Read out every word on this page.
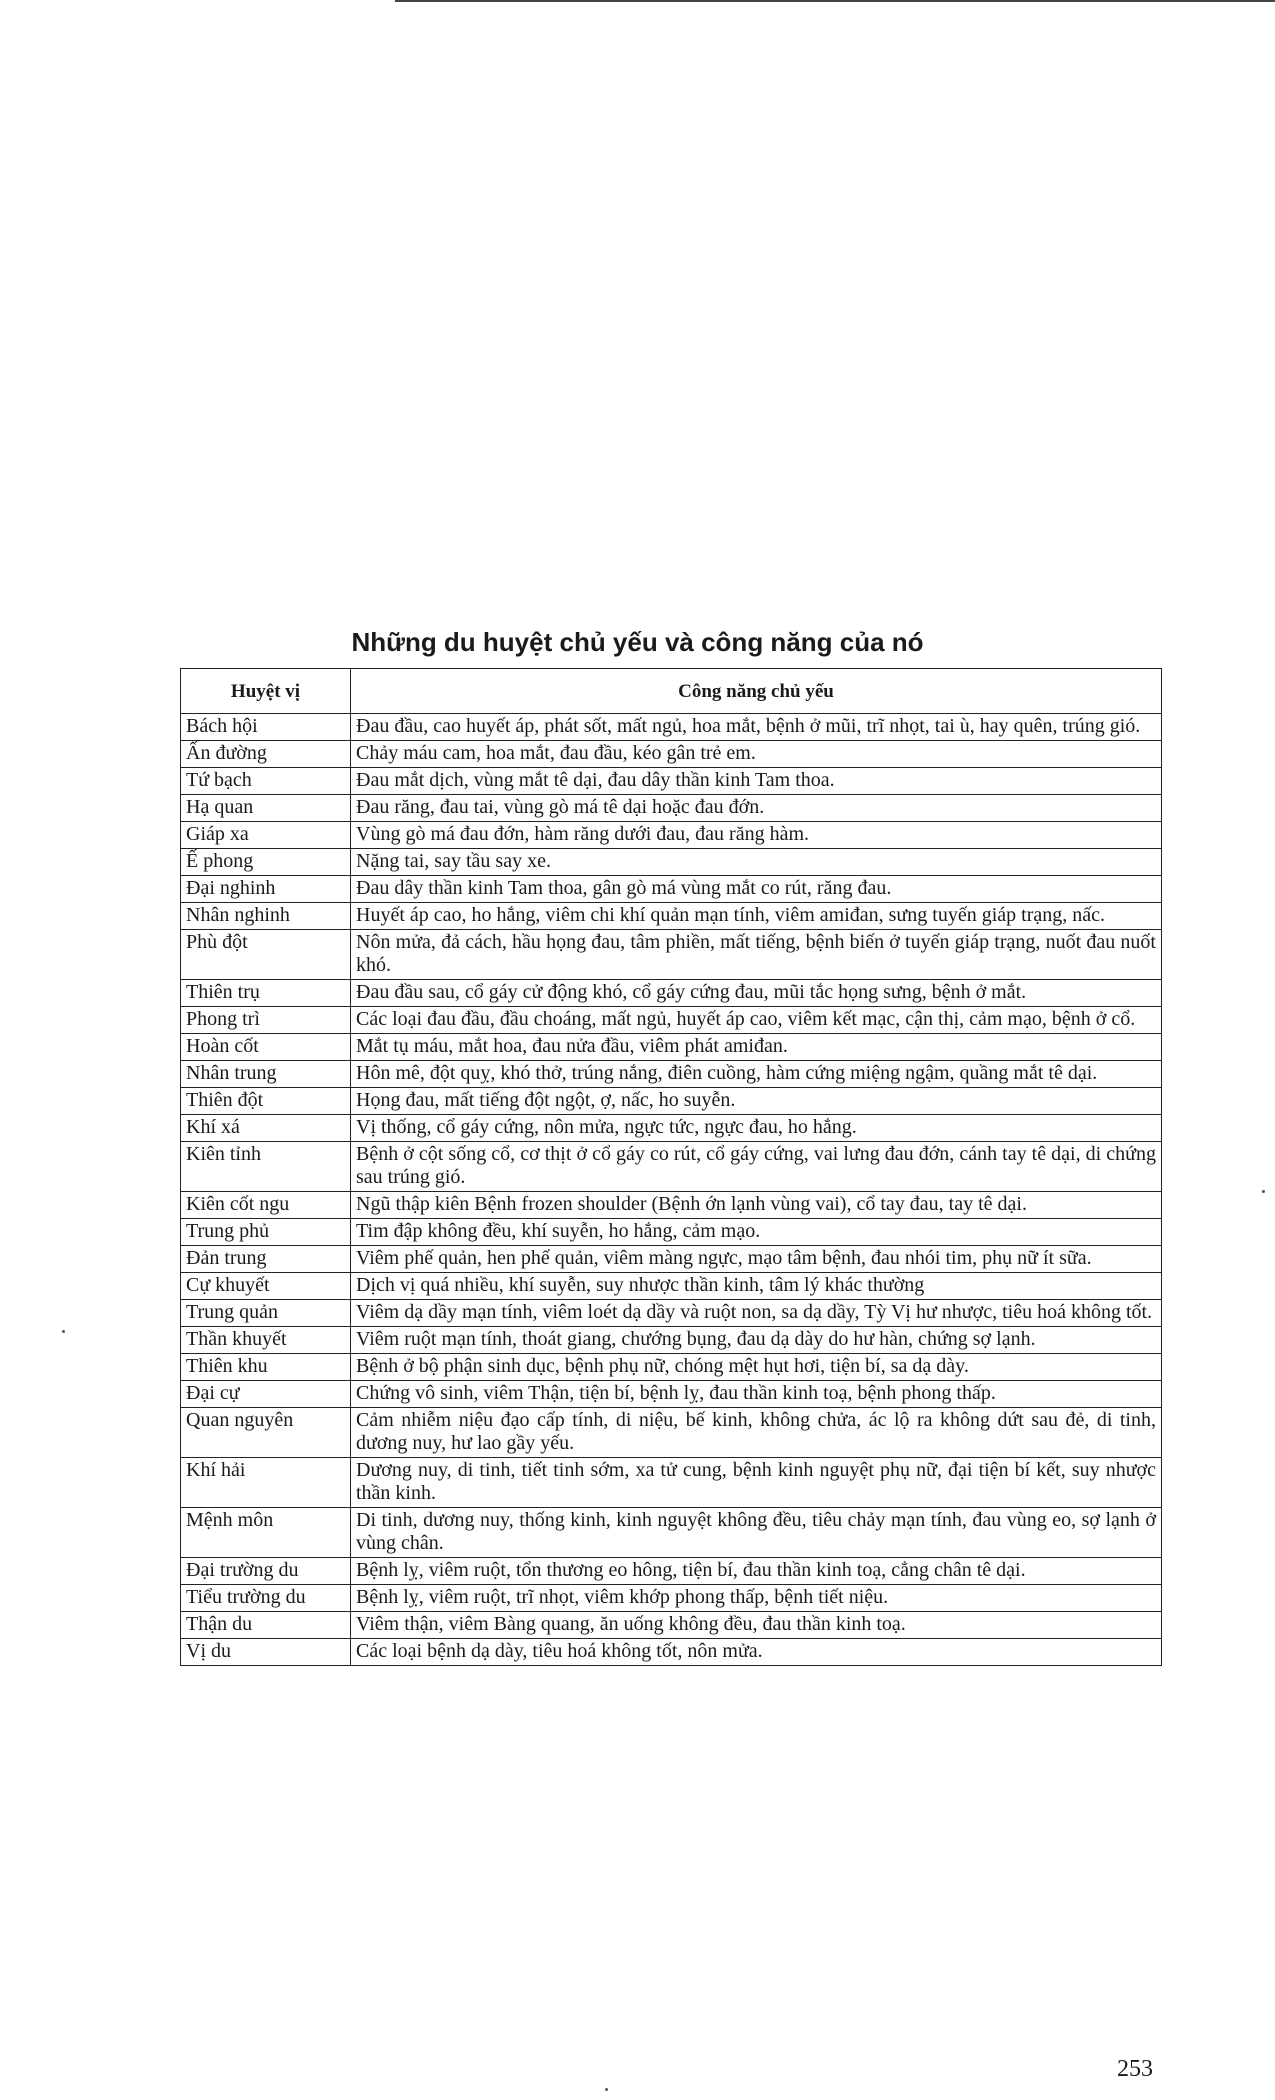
Những du huyệt chủ yếu và công năng của nó
Huyệt vị	Công năng chủ yếu
Bách hội	Đau đầu, cao huyết áp, phát sốt, mất ngủ, hoa mắt, bệnh ở mũi, trĩ nhọt, tai ù, hay quên, trúng gió.
Ấn đường	Chảy máu cam, hoa mắt, đau đầu, kéo gân trẻ em.
Tứ bạch	Đau mắt dịch, vùng mắt tê dại, đau dây thần kinh Tam thoa.
Hạ quan	Đau răng, đau tai, vùng gò má tê dại hoặc đau đớn.
Giáp xa	Vùng gò má đau đớn, hàm răng dưới đau, đau răng hàm.
Ế phong	Nặng tai, say tầu say xe.
Đại nghinh	Đau dây thần kinh Tam thoa, gân gò má vùng mắt co rút, răng đau.
Nhân nghinh	Huyết áp cao, ho hắng, viêm chi khí quản mạn tính, viêm amiđan, sưng tuyến giáp trạng, nấc.
Phù đột	Nôn mửa, đả cách, hầu họng đau, tâm phiền, mất tiếng, bệnh biến ở tuyến giáp trạng, nuốt đau nuốt khó.
Thiên trụ	Đau đầu sau, cổ gáy cử động khó, cổ gáy cứng đau, mũi tắc họng sưng, bệnh ở mắt.
Phong trì	Các loại đau đầu, đầu choáng, mất ngủ, huyết áp cao, viêm kết mạc, cận thị, cảm mạo, bệnh ở cổ.
Hoàn cốt	Mắt tụ máu, mắt hoa, đau nửa đầu, viêm phát amiđan.
Nhân trung	Hôn mê, đột quỵ, khó thở, trúng nắng, điên cuồng, hàm cứng miệng ngậm, quầng mắt tê dại.
Thiên đột	Họng đau, mất tiếng đột ngột, ợ, nấc, ho suyễn.
Khí xá	Vị thống, cổ gáy cứng, nôn mửa, ngực tức, ngực đau, ho hắng.
Kiên tỉnh	Bệnh ở cột sống cổ, cơ thịt ở cổ gáy co rút, cổ gáy cứng, vai lưng đau đớn, cánh tay tê dại, di chứng sau trúng gió.
Kiên cốt ngu	Ngũ thập kiên Bệnh frozen shoulder (Bệnh ớn lạnh vùng vai), cổ tay đau, tay tê dại.
Trung phủ	Tim đập không đều, khí suyễn, ho hắng, cảm mạo.
Đản trung	Viêm phế quản, hen phế quản, viêm màng ngực, mạo tâm bệnh, đau nhói tim, phụ nữ ít sữa.
Cự khuyết	Dịch vị quá nhiều, khí suyễn, suy nhược thần kinh, tâm lý khác thường
Trung quản	Viêm dạ dầy mạn tính, viêm loét dạ dầy và ruột non, sa dạ dầy, Tỳ Vị hư nhược, tiêu hoá không tốt.
Thần khuyết	Viêm ruột mạn tính, thoát giang, chướng bụng, đau dạ dày do hư hàn, chứng sợ lạnh.
Thiên khu	Bệnh ở bộ phận sinh dục, bệnh phụ nữ, chóng mệt hụt hơi, tiện bí, sa dạ dày.
Đại cự	Chứng vô sinh, viêm Thận, tiện bí, bệnh lỵ, đau thần kinh toạ, bệnh phong thấp.
Quan nguyên	Cảm nhiễm niệu đạo cấp tính, di niệu, bế kinh, không chửa, ác lộ ra không dứt sau đẻ, di tinh, dương nuy, hư lao gầy yếu.
Khí hải	Dương nuy, di tinh, tiết tinh sớm, xa tử cung, bệnh kinh nguyệt phụ nữ, đại tiện bí kết, suy nhược thần kinh.
Mệnh môn	Di tinh, dương nuy, thống kinh, kinh nguyệt không đều, tiêu chảy mạn tính, đau vùng eo, sợ lạnh ở vùng chân.
Đại trường du	Bệnh lỵ, viêm ruột, tổn thương eo hông, tiện bí, đau thần kinh toạ, cẳng chân tê dại.
Tiểu trường du	Bệnh lỵ, viêm ruột, trĩ nhọt, viêm khớp phong thấp, bệnh tiết niệu.
Thận du	Viêm thận, viêm Bàng quang, ăn uống không đều, đau thần kinh toạ.
Vị du	Các loại bệnh dạ dày, tiêu hoá không tốt, nôn mửa.
253
